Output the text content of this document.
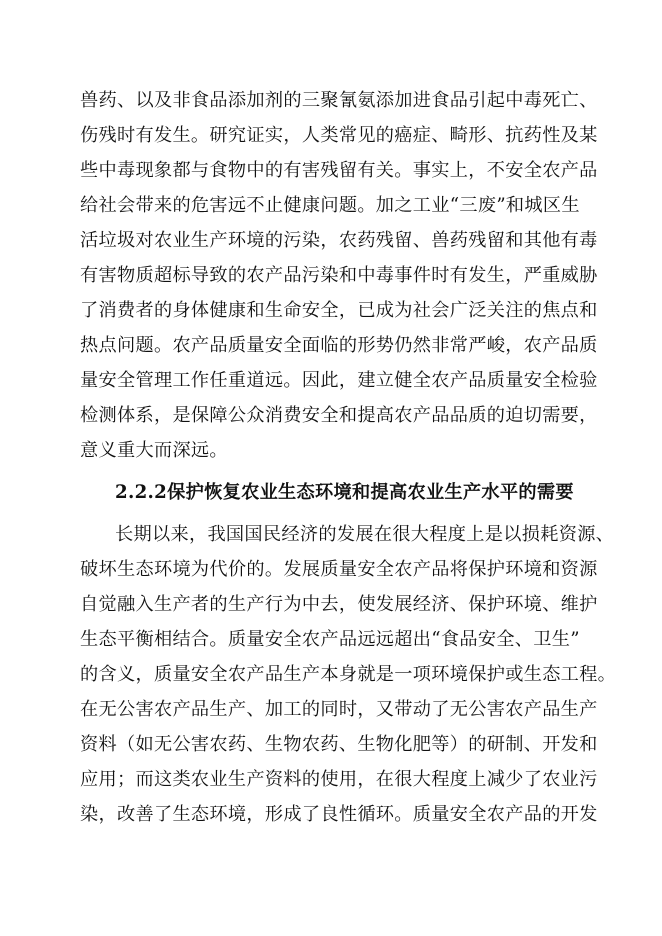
兽药、以及非食品添加剂的三聚氰氨添加进食品引起中毒死亡、
伤残时有发生。研究证实，人类常见的癌症、畸形、抗药性及某
些中毒现象都与食物中的有害残留有关。事实上，不安全农产品
给社会带来的危害远不止健康问题。加之工业“三废”和城区生
活垃圾对农业生产环境的污染，农药残留、兽药残留和其他有毒
有害物质超标导致的农产品污染和中毒事件时有发生，严重威胁
了消费者的身体健康和生命安全，已成为社会广泛关注的焦点和
热点问题。农产品质量安全面临的形势仍然非常严峻，农产品质
量安全管理工作任重道远。因此，建立健全农产品质量安全检验
检测体系，是保障公众消费安全和提高农产品品质的迫切需要，
意义重大而深远。
2.2.2保护恢复农业生态环境和提高农业生产水平的需要
长期以来，我国国民经济的发展在很大程度上是以损耗资源、
破坏生态环境为代价的。发展质量安全农产品将保护环境和资源
自觉融入生产者的生产行为中去，使发展经济、保护环境、维护
生态平衡相结合。质量安全农产品远远超出“食品安全、卫生”
的含义，质量安全农产品生产本身就是一项环境保护或生态工程。
在无公害农产品生产、加工的同时，又带动了无公害农产品生产
资料（如无公害农药、生物农药、生物化肥等）的研制、开发和
应用；而这类农业生产资料的使用，在很大程度上减少了农业污
染，改善了生态环境，形成了良性循环。质量安全农产品的开发
